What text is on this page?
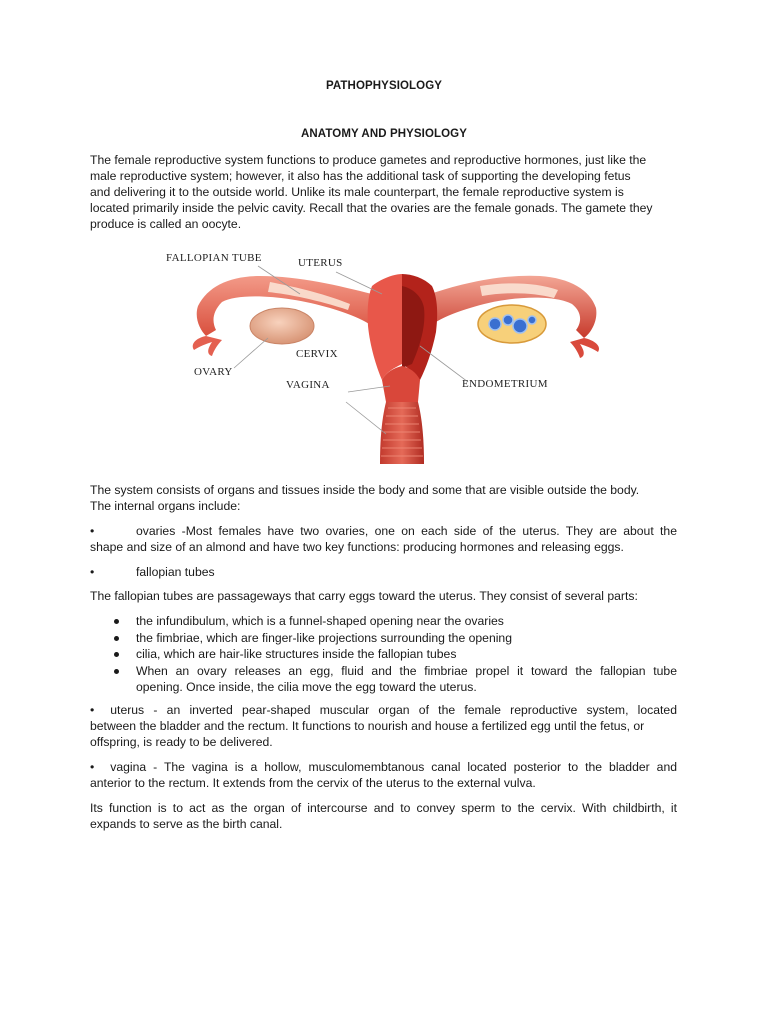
PATHOPHYSIOLOGY
ANATOMY AND PHYSIOLOGY
The female reproductive system functions to produce gametes and reproductive hormones, just like the
male reproductive system; however, it also has the additional task of supporting the developing fetus
and delivering it to the outside world. Unlike its male counterpart, the female reproductive system is
located primarily inside the pelvic cavity. Recall that the ovaries are the female gonads. The gamete they
produce is called an oocyte.
FALLOPIAN TUBE	UTERUS
CERVIX
OVARY
VAGINA	ENDOMETRIUM
The system consists of organs and tissues inside the body and some that are visible outside the body.
The internal organs include:
•	ovaries -Most females have two ovaries, one on each side of the uterus. They are about the
shape and size of an almond and have two key functions: producing hormones and releasing eggs.
•	fallopian tubes
The fallopian tubes are passageways that carry eggs toward the uterus. They consist of several parts:
the infundibulum, which is a funnel-shaped opening near the ovaries
the fimbriae, which are finger-like projections surrounding the opening
cilia, which are hair-like structures inside the fallopian tubes
When an ovary releases an egg, fluid and the fimbriae propel it toward the fallopian tube
opening. Once inside, the cilia move the egg toward the uterus.
• uterus - an inverted pear-shaped muscular organ of the female reproductive system, located
between the bladder and the rectum. It functions to nourish and house a fertilized egg until the fetus, or
offspring, is ready to be delivered.
• vagina - The vagina is a hollow, musculomembtanous canal located posterior to the bladder and
anterior to the rectum. It extends from the cervix of the uterus to the external vulva.
Its function is to act as the organ of intercourse and to convey sperm to the cervix. With childbirth, it
expands to serve as the birth canal.
